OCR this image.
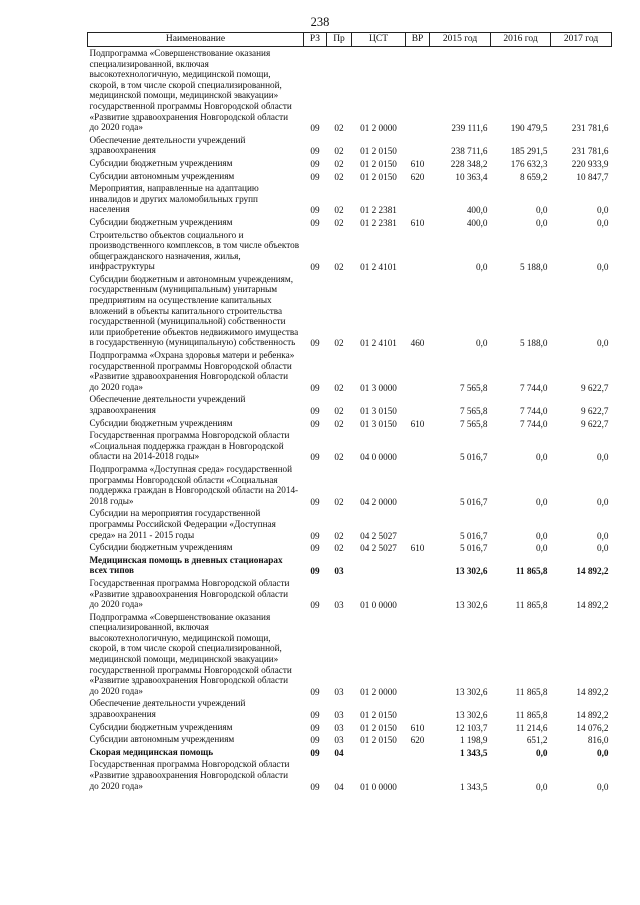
238
Наименование	РЗ	Пр	ЦСТ	ВР	2015 год	2016 год	2017 год
Подпрограмма «Совершенствование оказания специализированной, включая высокотехнологичную, медицинской помощи, скорой, в том числе скорой специализированной, медицинской помощи, медицинской эвакуации» государственной программы Новгородской области «Развитие здравоохранения Новгородской области до 2020 года»	09	02	01 2 0000		239 111,6	190 479,5	231 781,6
Обеспечение деятельности учреждений здравоохранения	09	02	01 2 0150		238 711,6	185 291,5	231 781,6
Субсидии бюджетным учреждениям	09	02	01 2 0150	610	228 348,2	176 632,3	220 933,9
Субсидии автономным учреждениям	09	02	01 2 0150	620	10 363,4	8 659,2	10 847,7
Мероприятия, направленные на адаптацию инвалидов и других маломобильных групп населения	09	02	01 2 2381		400,0	0,0	0,0
Субсидии бюджетным учреждениям	09	02	01 2 2381	610	400,0	0,0	0,0
Строительство объектов социального и производственного комплексов, в том числе объектов общегражданского назначения, жилья, инфраструктуры	09	02	01 2 4101		0,0	5 188,0	0,0
Субсидии бюджетным и автономным учреждениям, государственным (муниципальным) унитарным предприятиям на осуществление капитальных вложений в объекты капитального строительства государственной (муниципальной) собственности или приобретение объектов недвижимого имущества в государственную (муниципальную) собственность	09	02	01 2 4101	460	0,0	5 188,0	0,0
Подпрограмма «Охрана здоровья матери и ребенка» государственной программы Новгородской области «Развитие здравоохранения Новгородской области до 2020 года»	09	02	01 3 0000		7 565,8	7 744,0	9 622,7
Обеспечение деятельности учреждений здравоохранения	09	02	01 3 0150		7 565,8	7 744,0	9 622,7
Субсидии бюджетным учреждениям	09	02	01 3 0150	610	7 565,8	7 744,0	9 622,7
Государственная программа Новгородской области «Социальная поддержка граждан в Новгородской области на 2014-2018 годы»	09	02	04 0 0000		5 016,7	0,0	0,0
Подпрограмма «Доступная среда» государственной программы Новгородской области «Социальная поддержка граждан в Новгородской области на 2014-2018 годы»	09	02	04 2 0000		5 016,7	0,0	0,0
Субсидии на мероприятия государственной программы Российской Федерации «Доступная среда» на 2011 - 2015 годы	09	02	04 2 5027		5 016,7	0,0	0,0
Субсидии бюджетным учреждениям	09	02	04 2 5027	610	5 016,7	0,0	0,0
Медицинская помощь в дневных стационарах всех типов	09	03			13 302,6	11 865,8	14 892,2
Государственная программа Новгородской области «Развитие здравоохранения Новгородской области до 2020 года»	09	03	01 0 0000		13 302,6	11 865,8	14 892,2
Подпрограмма «Совершенствование оказания специализированной, включая высокотехнологичную, медицинской помощи, скорой, в том числе скорой специализированной, медицинской помощи, медицинской эвакуации» государственной программы Новгородской области «Развитие здравоохранения Новгородской области до 2020 года»	09	03	01 2 0000		13 302,6	11 865,8	14 892,2
Обеспечение деятельности учреждений здравоохранения	09	03	01 2 0150		13 302,6	11 865,8	14 892,2
Субсидии бюджетным учреждениям	09	03	01 2 0150	610	12 103,7	11 214,6	14 076,2
Субсидии автономным учреждениям	09	03	01 2 0150	620	1 198,9	651,2	816,0
Скорая медицинская помощь	09	04			1 343,5	0,0	0,0
Государственная программа Новгородской области «Развитие здравоохранения Новгородской области до 2020 года»	09	04	01 0 0000		1 343,5	0,0	0,0
